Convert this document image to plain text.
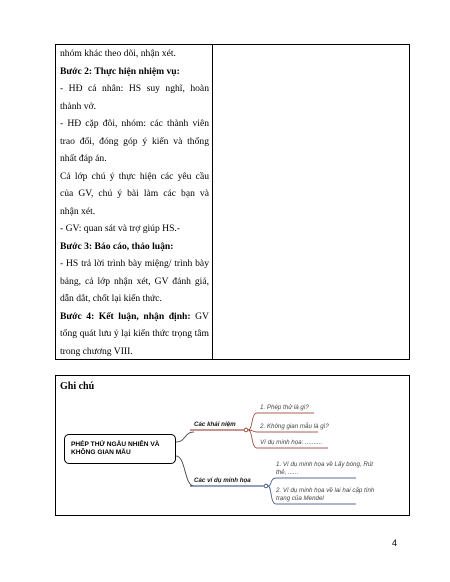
nhóm khác theo dõi, nhận xét.
Bước 2: Thực hiện nhiệm vụ:
- HĐ cá nhân: HS suy nghĩ, hoàn
thành vở.
- HĐ cặp đôi, nhóm: các thành viên
trao đổi, đóng góp ý kiến và thống
nhất đáp án.
Cả lớp chú ý thực hiện các yêu cầu
của GV, chú ý bài làm các bạn và
nhận xét.
- GV: quan sát và trợ giúp HS.-
Bước 3: Báo cáo, thảo luận:
- HS trả lời trình bày miệng/ trình bày
bảng, cả lớp nhận xét, GV đánh giá,
dẫn dắt, chốt lại kiến thức.
Bước 4: Kết luận, nhận định: GV
tổng quát lưu ý lại kiến thức trọng tâm
trong chương VIII.
Ghi chú
PHÉP THỬ NGẪU NHIÊN VÀ
KHÔNG GIAN MẪU
Các khái niệm
Các ví dụ minh họa
1. Phép thử là gì?
2. Không gian mẫu là gì?
Ví dụ minh họa: ..........
1. Ví dụ minh họa về Lấy bóng, Rút
thẻ, ......
2. Ví dụ minh họa về lai hai cặp tính
trạng của Mendel
4
